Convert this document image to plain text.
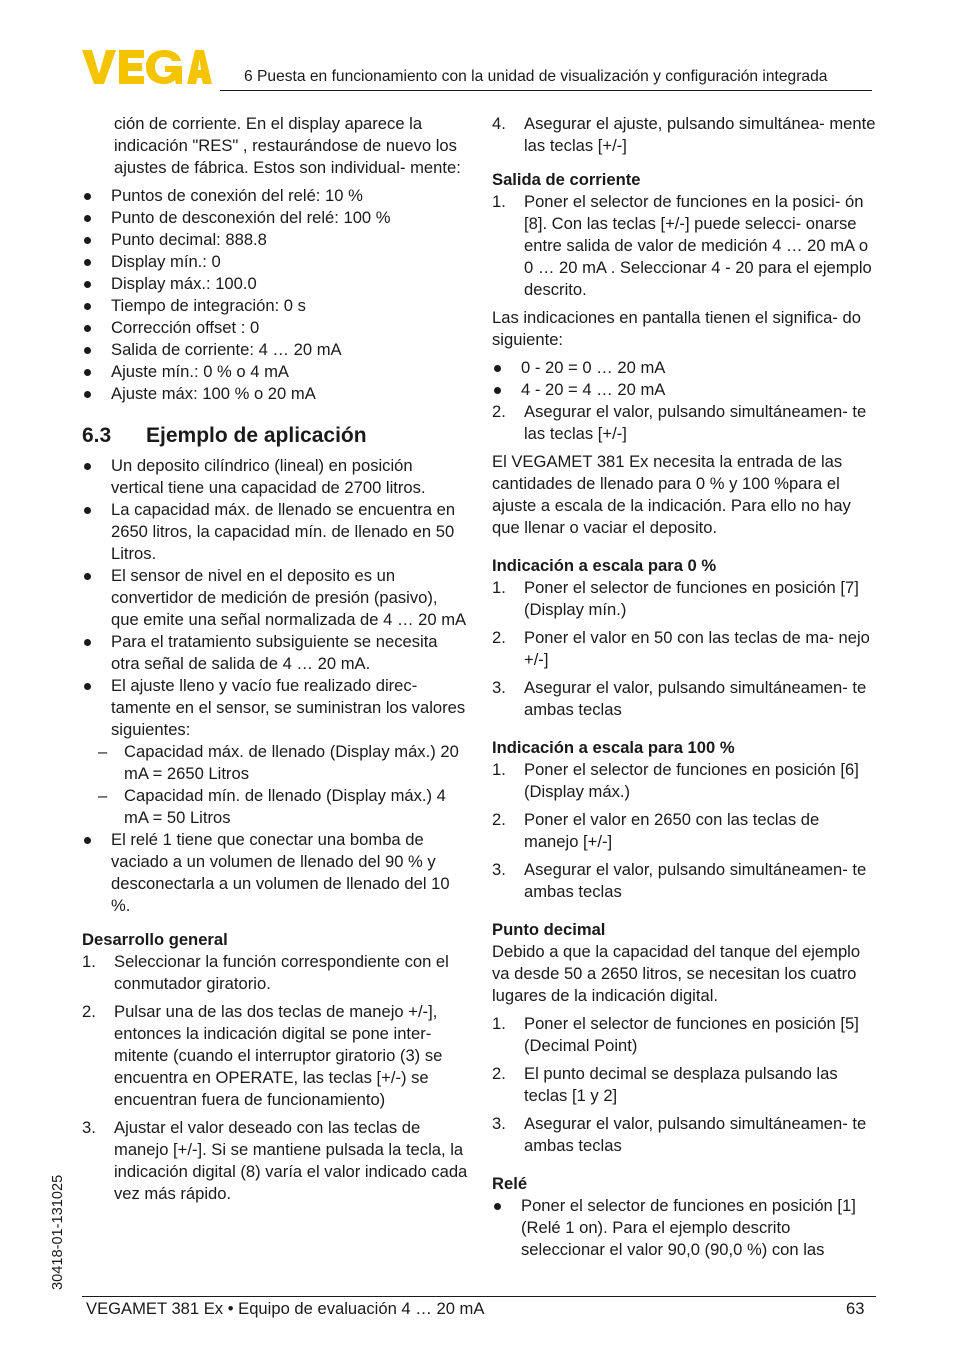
6 Puesta en funcionamiento con la unidad de visualización y configuración integrada

ción de corriente. En el display aparece la indicación "RES" , restaurándose de nuevo los ajustes de fábrica. Estos son individual- mente:

Puntos de conexión del relé: 10 %

Punto de desconexión del relé: 100 %

Punto decimal: 888.8

Display mín.: 0

Display máx.: 100.0

Tiempo de integración: 0 s

Corrección offset : 0

Salida de corriente: 4 … 20 mA

Ajuste mín.: 0 % o 4 mA

Ajuste máx: 100 % o 20 mA

6.3 Ejemplo de aplicación

Un deposito cilíndrico (lineal) en posición vertical tiene una capacidad de 2700 litros.

La capacidad máx. de llenado se encuentra en 2650 litros, la capacidad mín. de llenado en 50 Litros.

El sensor de nivel en el deposito es un convertidor de medición de presión (pasivo), que emite una señal normalizada de 4 … 20 mA

Para el tratamiento subsiguiente se necesita otra señal de salida de 4 … 20 mA.

El ajuste lleno y vacío fue realizado direc- tamente en el sensor, se suministran los valores siguientes:

– Capacidad máx. de llenado (Display máx.) 20 mA = 2650 Litros

– Capacidad mín. de llenado (Display máx.) 4 mA = 50 Litros

El relé 1 tiene que conectar una bomba de vaciado a un volumen de llenado del 90 % y desconectarla a un volumen de llenado del 10 %.

Desarrollo general

1. Seleccionar la función correspondiente con el conmutador giratorio.
2. Pulsar una de las dos teclas de manejo +/-], entonces la indicación digital se pone inter- mitente (cuando el interruptor giratorio (3) se encuentra en OPERATE, las teclas [+/-) se encuentran fuera de funcionamiento)
3. Ajustar el valor deseado con las teclas de manejo [+/-]. Si se mantiene pulsada la tecla, la indicación digital (8) varía el valor indicado cada vez más rápido.
4. Asegurar el ajuste, pulsando simultánea- mente las teclas [+/-]

Salida de corriente

1. Poner el selector de funciones en la posici- ón [8]. Con las teclas [+/-] puede selecci- onarse entre salida de valor de medición 4 … 20 mA o 0 … 20 mA . Seleccionar 4 - 20 para el ejemplo descrito.

Las indicaciones en pantalla tienen el significa- do siguiente:

0 - 20 = 0 … 20 mA

4 - 20 = 4 … 20 mA

2. Asegurar el valor, pulsando simultáneamen- te las teclas [+/-]

El VEGAMET 381 Ex necesita la entrada de las cantidades de llenado para 0 % y 100 %para el ajuste a escala de la indicación. Para ello no hay que llenar o vaciar el deposito.

Indicación a escala para 0 %

1. Poner el selector de funciones en posición [7] (Display mín.)
2. Poner el valor en 50 con las teclas de ma- nejo +/-]
3. Asegurar el valor, pulsando simultáneamen- te ambas teclas

Indicación a escala para 100 %

1. Poner el selector de funciones en posición [6] (Display máx.)
2. Poner el valor en 2650 con las teclas de manejo [+/-]
3. Asegurar el valor, pulsando simultáneamen- te ambas teclas

Punto decimal

Debido a que la capacidad del tanque del ejemplo va desde 50 a 2650 litros, se necesitan los cuatro lugares de la indicación digital.

1. Poner el selector de funciones en posición [5] (Decimal Point)
2. El punto decimal se desplaza pulsando las teclas [1 y 2]
3. Asegurar el valor, pulsando simultáneamen- te ambas teclas

Relé

Poner el selector de funciones en posición [1] (Relé 1 on). Para el ejemplo descrito seleccionar el valor 90,0 (90,0 %) con las

30418-01-131025
VEGAMET 381 Ex • Equipo de evaluación 4 … 20 mA	63
